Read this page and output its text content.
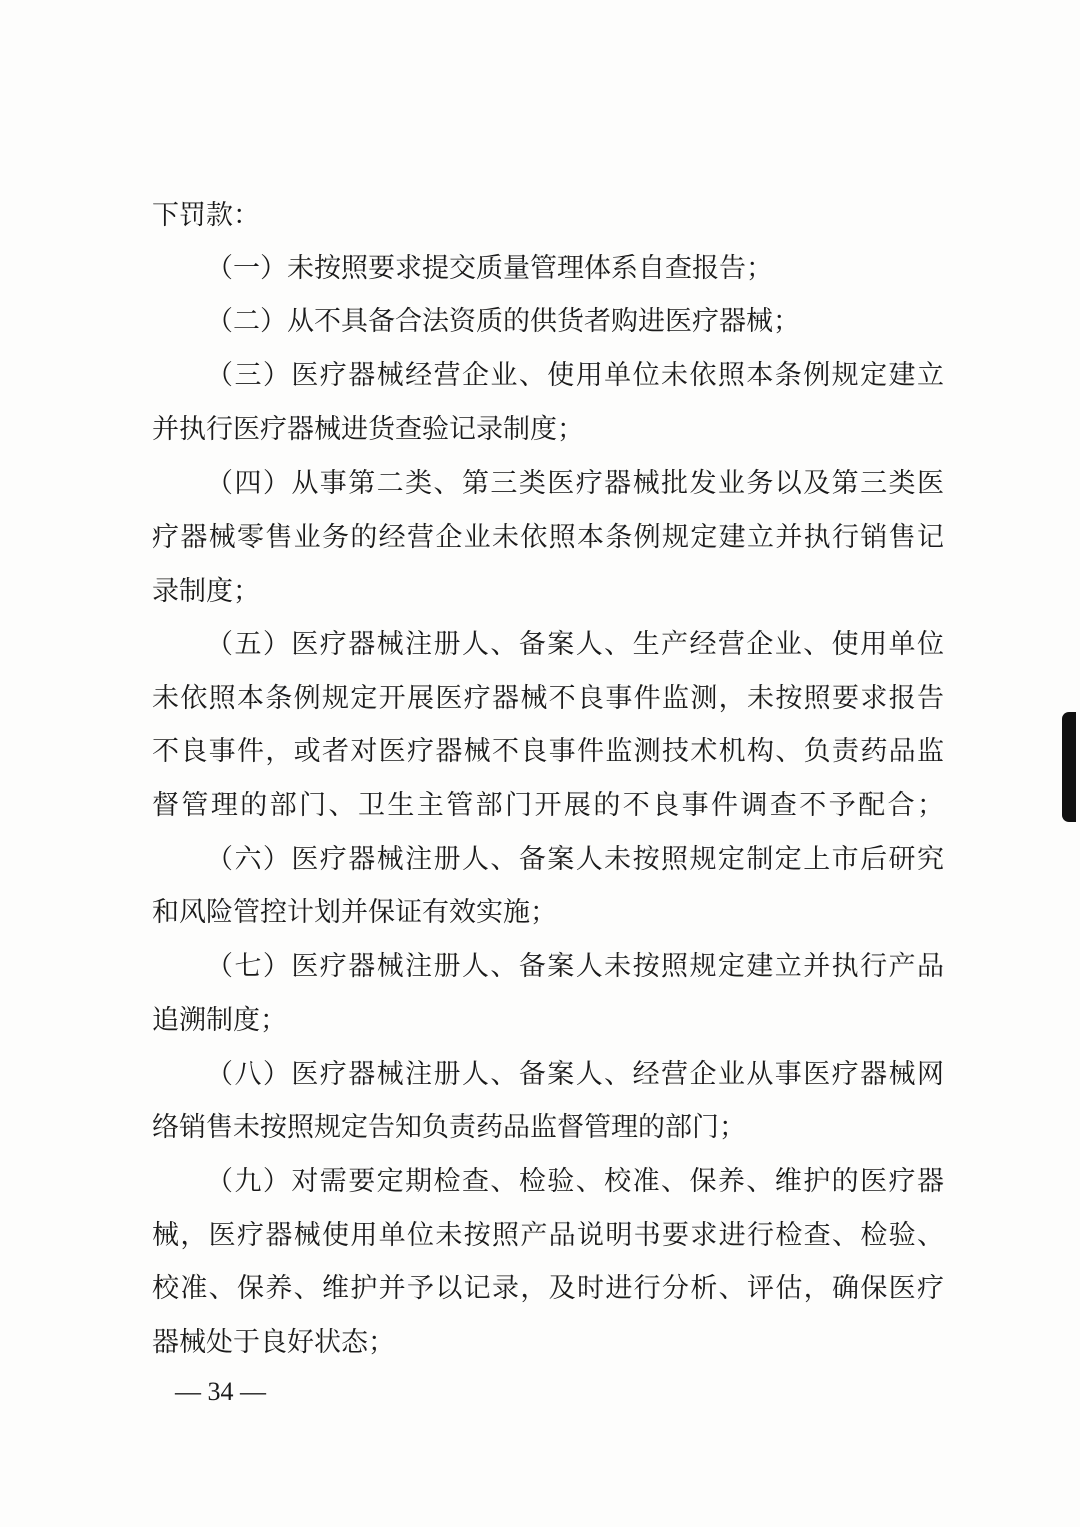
下罚款：
（一）未按照要求提交质量管理体系自查报告；
（二）从不具备合法资质的供货者购进医疗器械；
（三）医疗器械经营企业、使用单位未依照本条例规定建立
并执行医疗器械进货查验记录制度；
（四）从事第二类、第三类医疗器械批发业务以及第三类医
疗器械零售业务的经营企业未依照本条例规定建立并执行销售记
录制度；
（五）医疗器械注册人、备案人、生产经营企业、使用单位
未依照本条例规定开展医疗器械不良事件监测，未按照要求报告
不良事件，或者对医疗器械不良事件监测技术机构、负责药品监
督管理的部门、卫生主管部门开展的不良事件调查不予配合；
（六）医疗器械注册人、备案人未按照规定制定上市后研究
和风险管控计划并保证有效实施；
（七）医疗器械注册人、备案人未按照规定建立并执行产品
追溯制度；
（八）医疗器械注册人、备案人、经营企业从事医疗器械网
络销售未按照规定告知负责药品监督管理的部门；
（九）对需要定期检查、检验、校准、保养、维护的医疗器
械，医疗器械使用单位未按照产品说明书要求进行检查、检验、
校准、保养、维护并予以记录，及时进行分析、评估，确保医疗
器械处于良好状态；
— 34 —
